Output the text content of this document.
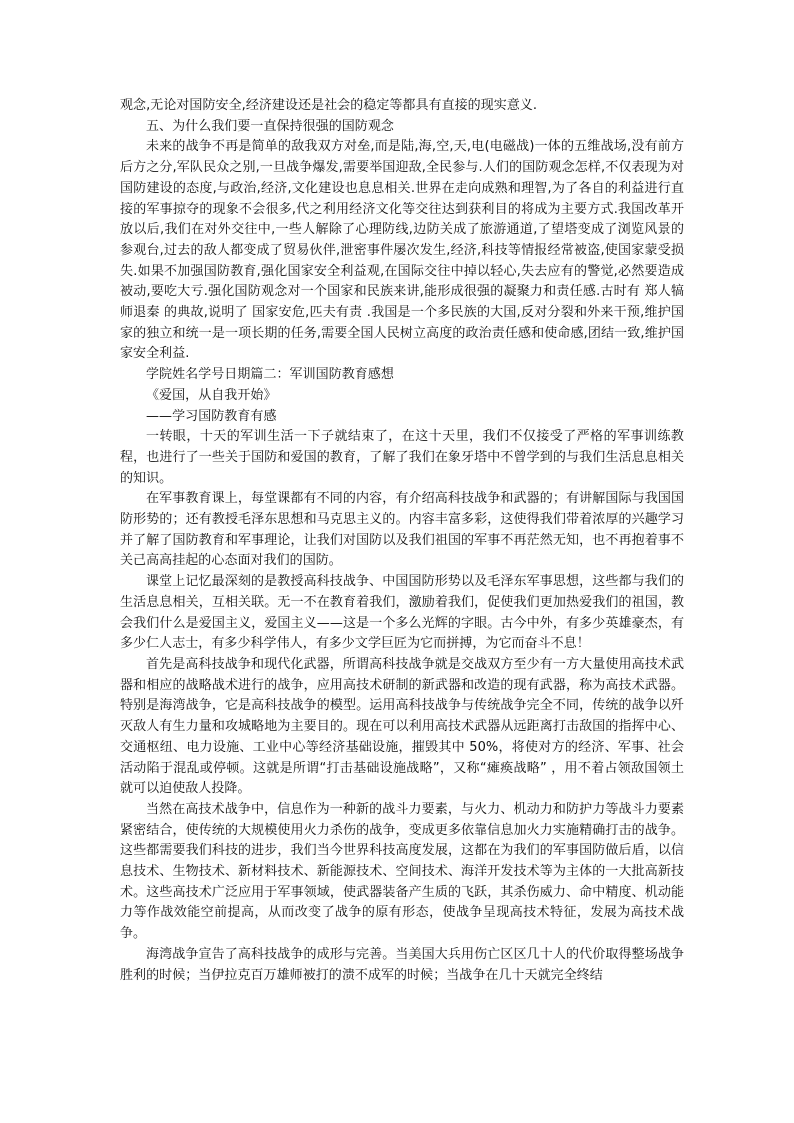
观念,无论对国防安全,经济建设还是社会的稳定等都具有直接的现实意义.

五、为什么我们要一直保持很强的国防观念

未来的战争不再是简单的敌我双方对垒,而是陆,海,空,天,电(电磁战)一体的五维战场,没有前方后方之分,军队民众之别,一旦战争爆发,需要举国迎敌,全民参与.人们的国防观念怎样,不仅表现为对国防建设的态度,与政治,经济,文化建设也息息相关.世界在走向成熟和理智,为了各自的利益进行直接的军事掠夺的现象不会很多,代之利用经济文化等交往达到获利目的将成为主要方式.我国改革开放以后,我们在对外交往中,一些人解除了心理防线,边防关成了旅游通道,了望塔变成了浏览风景的参观台,过去的敌人都变成了贸易伙伴,泄密事件屡次发生,经济,科技等情报经常被盗,使国家蒙受损失.如果不加强国防教育,强化国家安全利益观,在国际交往中掉以轻心,失去应有的警觉,必然要造成被动,要吃大亏.强化国防观念对一个国家和民族来讲,能形成很强的凝聚力和责任感.古时有 郑人犒师退秦 的典故,说明了 国家安危,匹夫有责 .我国是一个多民族的大国,反对分裂和外来干预,维护国家的独立和统一是一项长期的任务,需要全国人民树立高度的政治责任感和使命感,团结一致,维护国家安全利益.

学院姓名学号日期篇二：军训国防教育感想

《爱国，从自我开始》

——学习国防教育有感

一转眼，十天的军训生活一下子就结束了，在这十天里，我们不仅接受了严格的军事训练教程，也进行了一些关于国防和爱国的教育，了解了我们在象牙塔中不曾学到的与我们生活息息相关的知识。

在军事教育课上，每堂课都有不同的内容，有介绍高科技战争和武器的；有讲解国际与我国国防形势的；还有教授毛泽东思想和马克思主义的。内容丰富多彩，这使得我们带着浓厚的兴趣学习并了解了国防教育和军事理论，让我们对国防以及我们祖国的军事不再茫然无知，也不再抱着事不关己高高挂起的心态面对我们的国防。

课堂上记忆最深刻的是教授高科技战争、中国国防形势以及毛泽东军事思想，这些都与我们的生活息息相关，互相关联。无一不在教育着我们，激励着我们，促使我们更加热爱我们的祖国，教会我们什么是爱国主义，爱国主义——这是一个多么光辉的字眼。古今中外，有多少英雄豪杰，有多少仁人志士，有多少科学伟人，有多少文学巨匠为它而拼搏，为它而奋斗不息！

首先是高科技战争和现代化武器，所谓高科技战争就是交战双方至少有一方大量使用高技术武器和相应的战略战术进行的战争，应用高技术研制的新武器和改造的现有武器，称为高技术武器。特别是海湾战争，它是高科技战争的模型。运用高科技战争与传统战争完全不同，传统的战争以歼灭敌人有生力量和攻城略地为主要目的。现在可以利用高技术武器从远距离打击敌国的指挥中心、交通枢纽、电力设施、工业中心等经济基础设施，摧毁其中 50%，将使对方的经济、军事、社会活动陷于混乱或停顿。这就是所谓“打击基础设施战略”，又称“瘫痪战略” ，用不着占领敌国领土就可以迫使敌人投降。

当然在高技术战争中，信息作为一种新的战斗力要素，与火力、机动力和防护力等战斗力要素紧密结合，使传统的大规模使用火力杀伤的战争，变成更多依靠信息加火力实施精确打击的战争。这些都需要我们科技的进步，我们当今世界科技高度发展，这都在为我们的军事国防做后盾，以信息技术、生物技术、新材料技术、新能源技术、空间技术、海洋开发技术等为主体的一大批高新技术。这些高技术广泛应用于军事领域，使武器装备产生质的飞跃，其杀伤威力、命中精度、机动能力等作战效能空前提高，从而改变了战争的原有形态，使战争呈现高技术特征，发展为高技术战争。

海湾战争宣告了高科技战争的成形与完善。当美国大兵用伤亡区区几十人的代价取得整场战争胜利的时候；当伊拉克百万雄师被打的溃不成军的时候；当战争在几十天就完全终结
